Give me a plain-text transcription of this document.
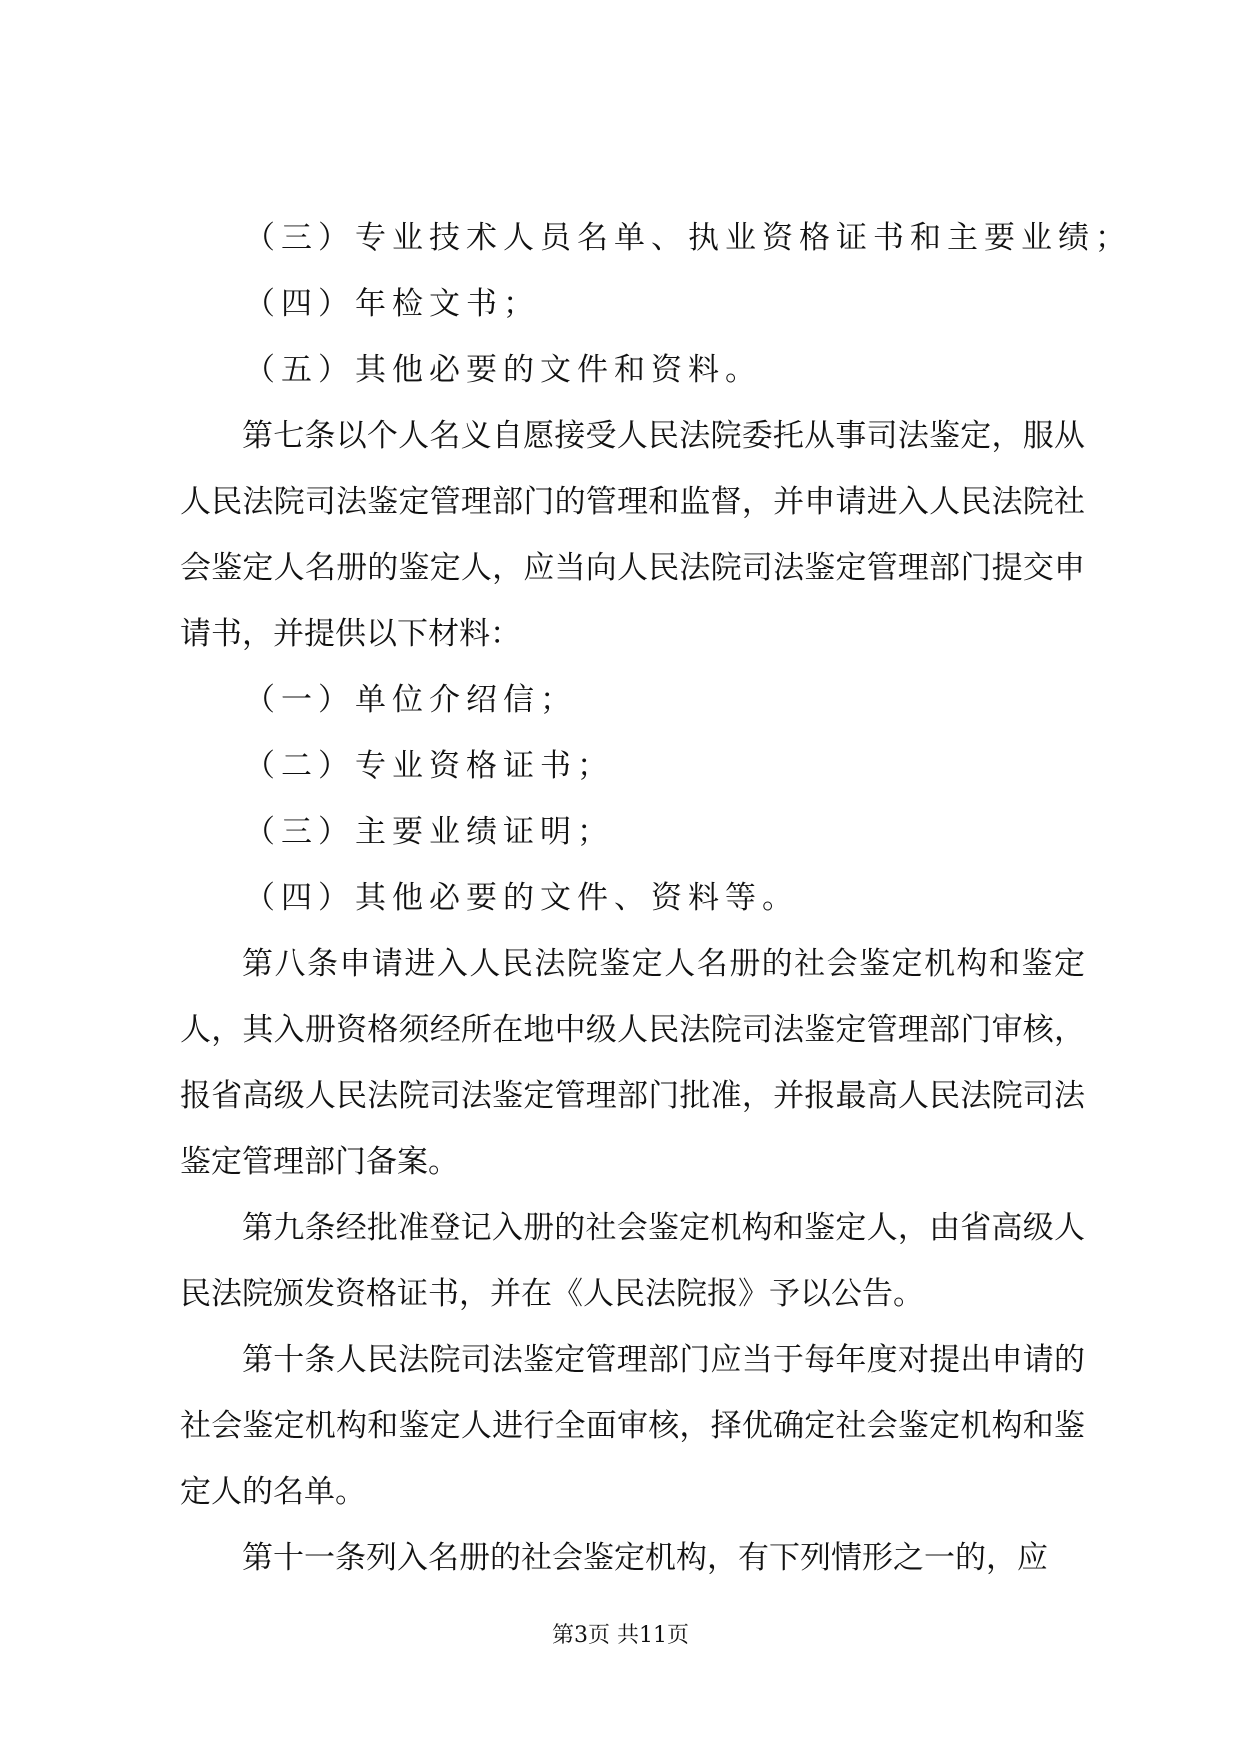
（三）专业技术人员名单、执业资格证书和主要业绩；
（四）年检文书；
（五）其他必要的文件和资料。

第七条以个人名义自愿接受人民法院委托从事司法鉴定，服从人民法院司法鉴定管理部门的管理和监督，并申请进入人民法院社会鉴定人名册的鉴定人，应当向人民法院司法鉴定管理部门提交申请书，并提供以下材料：

（一）单位介绍信；
（二）专业资格证书；
（三）主要业绩证明；
（四）其他必要的文件、资料等。

第八条申请进入人民法院鉴定人名册的社会鉴定机构和鉴定人，其入册资格须经所在地中级人民法院司法鉴定管理部门审核，报省高级人民法院司法鉴定管理部门批准，并报最高人民法院司法鉴定管理部门备案。

第九条经批准登记入册的社会鉴定机构和鉴定人，由省高级人民法院颁发资格证书，并在《人民法院报》予以公告。

第十条人民法院司法鉴定管理部门应当于每年度对提出申请的社会鉴定机构和鉴定人进行全面审核，择优确定社会鉴定机构和鉴定人的名单。

第十一条列入名册的社会鉴定机构，有下列情形之一的，应

第3页 共11页
